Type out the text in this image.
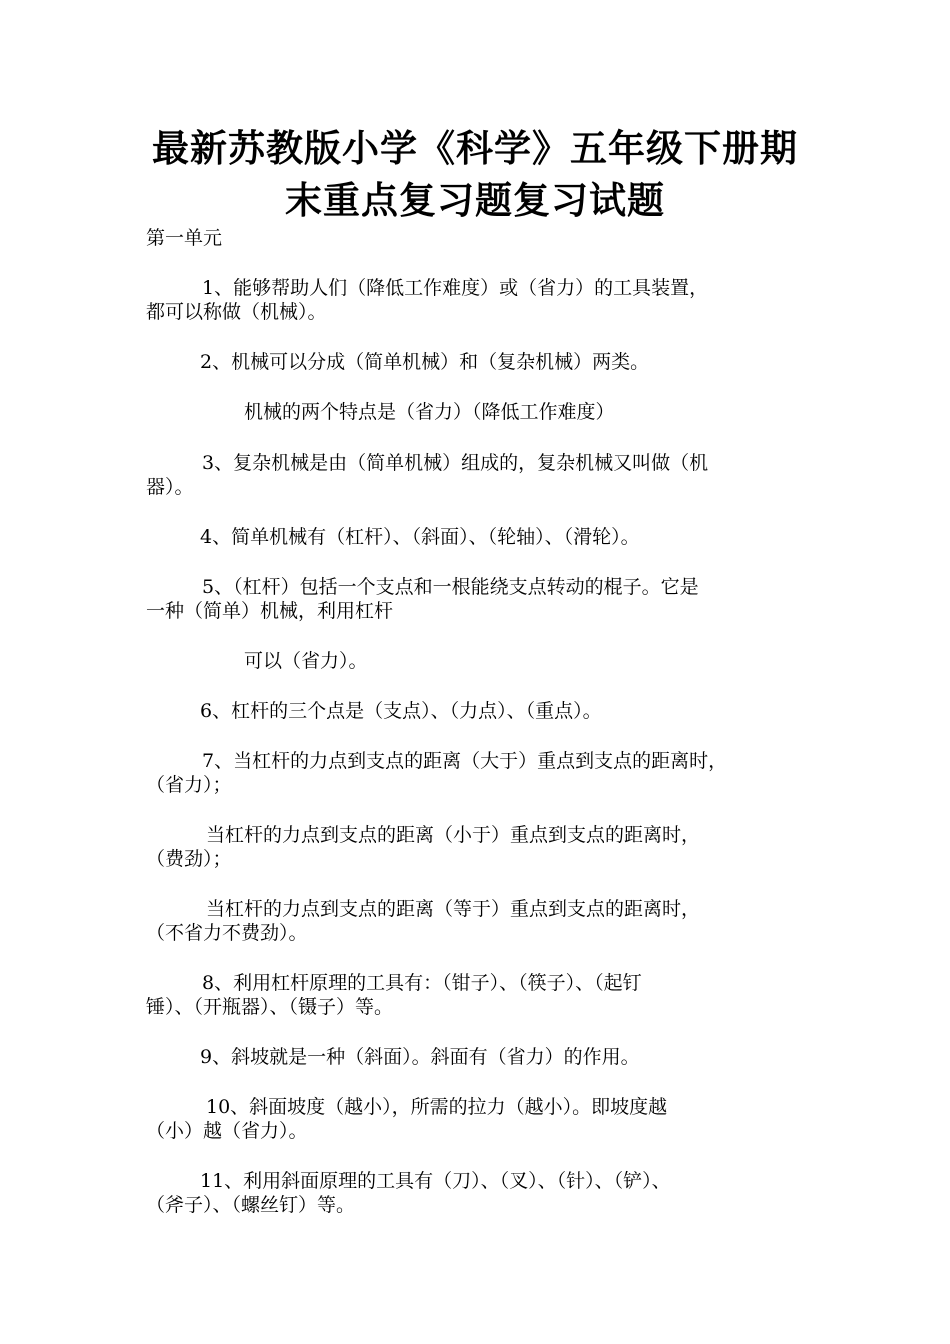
最新苏教版小学《科学》五年级下册期
末重点复习题复习试题
第一单元
1、能够帮助人们（降低工作难度）或（省力）的工具装置，
都可以称做（机械）。
2、机械可以分成（简单机械）和（复杂机械）两类。
机械的两个特点是（省力）（降低工作难度）
3、复杂机械是由（简单机械）组成的，复杂机械又叫做（机
器）。
4、简单机械有（杠杆）、（斜面）、（轮轴）、（滑轮）。
5、（杠杆）包括一个支点和一根能绕支点转动的棍子。它是
一种（简单）机械，利用杠杆
可以（省力）。
6、杠杆的三个点是（支点）、（力点）、（重点）。
7、当杠杆的力点到支点的距离（大于）重点到支点的距离时，
（省力）；
当杠杆的力点到支点的距离（小于）重点到支点的距离时，
（费劲）；
当杠杆的力点到支点的距离（等于）重点到支点的距离时，
（不省力不费劲）。
8、利用杠杆原理的工具有：（钳子）、（筷子）、（起钉
锤）、（开瓶器）、（镊子）等。
9、斜坡就是一种（斜面）。斜面有（省力）的作用。
10、斜面坡度（越小），所需的拉力（越小）。即坡度越
（小）越（省力）。
11、利用斜面原理的工具有（刀）、（叉）、（针）、（铲）、
（斧子）、（螺丝钉）等。
